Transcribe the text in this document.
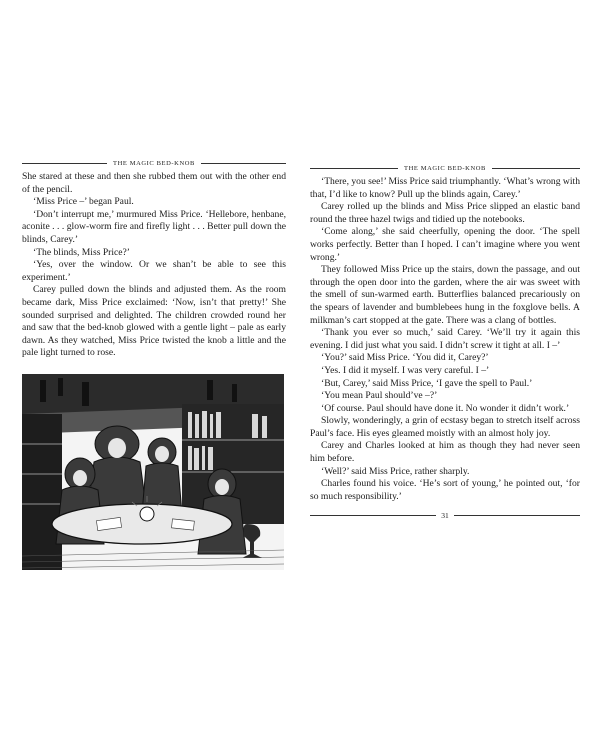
THE MAGIC BED-KNOB

She stared at these and then she rubbed them out with the other end of the pencil.

‘Miss Price –’ began Paul.

‘Don’t interrupt me,’ murmured Miss Price. ‘Hellebore, henbane, aconite . . . glow-worm fire and firefly light . . . Better pull down the blinds, Carey.’

‘The blinds, Miss Price?’

‘Yes, over the window. Or we shan’t be able to see this experiment.’

Carey pulled down the blinds and adjusted them. As the room became dark, Miss Price exclaimed: ‘Now, isn’t that pretty!’ She sounded surprised and delighted. The children crowded round her and saw that the bed-knob glowed with a gentle light – pale as early dawn. As they watched, Miss Price twisted the knob a little and the pale light turned to rose.

THE MAGIC BED-KNOB

‘There, you see!’ Miss Price said triumphantly. ‘What’s wrong with that, I’d like to know? Pull up the blinds again, Carey.’

Carey rolled up the blinds and Miss Price slipped an elastic band round the three hazel twigs and tidied up the notebooks.

‘Come along,’ she said cheerfully, opening the door. ‘The spell works perfectly. Better than I hoped. I can’t imagine where you went wrong.’

They followed Miss Price up the stairs, down the passage, and out through the open door into the garden, where the air was sweet with the smell of sun-warmed earth. Butterflies balanced precariously on the spears of lavender and bumblebees hung in the foxglove bells. A milkman’s cart stopped at the gate. There was a clang of bottles.

‘Thank you ever so much,’ said Carey. ‘We’ll try it again this evening. I did just what you said. I didn’t screw it tight at all. I –’

‘You?’ said Miss Price. ‘You did it, Carey?’

‘Yes. I did it myself. I was very careful. I –’

‘But, Carey,’ said Miss Price, ‘I gave the spell to Paul.’

‘You mean Paul should’ve –?’

‘Of course. Paul should have done it. No wonder it didn’t work.’

Slowly, wonderingly, a grin of ecstasy began to stretch itself across Paul’s face. His eyes gleamed moistly with an almost holy joy.

Carey and Charles looked at him as though they had never seen him before.

‘Well?’ said Miss Price, rather sharply.

Charles found his voice. ‘He’s sort of young,’ he pointed out, ‘for so much responsibility.’

31
